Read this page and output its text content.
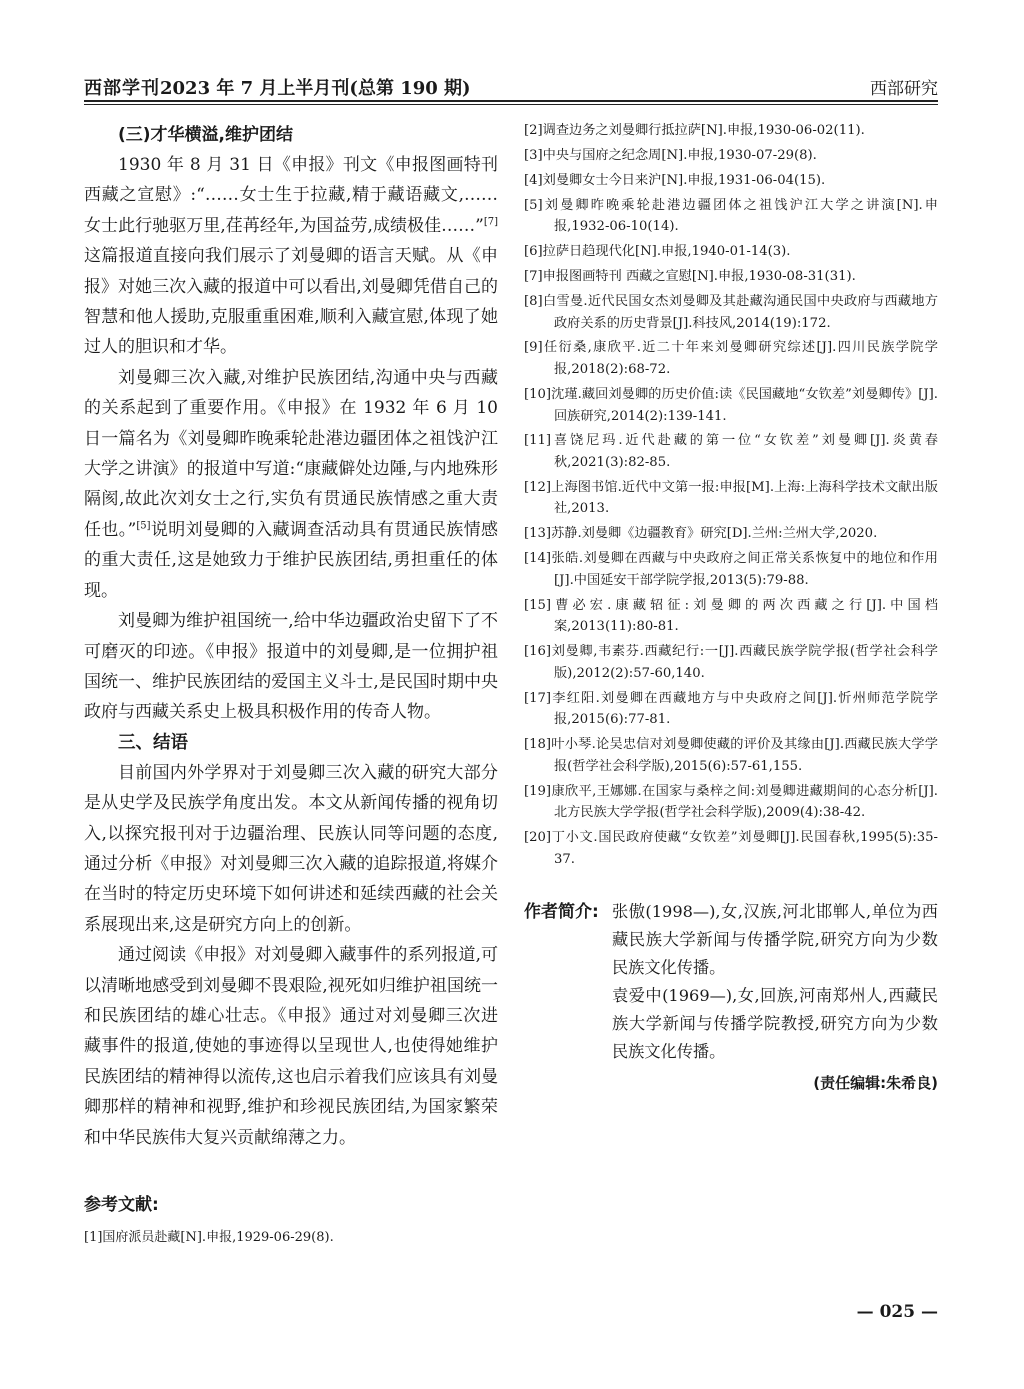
西部学刊 2023 年 7 月上半月刊(总第 190 期)	西部研究
(三)才华横溢,维护团结

1930 年 8 月 31 日《申报》刊文《申报图画特刊 西藏之宣慰》:“……女士生于拉藏,精于藏语藏文,……女士此行驰驱万里,荏苒经年,为国益劳,成绩极佳……”[7]这篇报道直接向我们展示了刘曼卿的语言天赋。从《申报》对她三次入藏的报道中可以看出,刘曼卿凭借自己的智慧和他人援助,克服重重困难,顺利入藏宣慰,体现了她过人的胆识和才华。

刘曼卿三次入藏,对维护民族团结,沟通中央与西藏的关系起到了重要作用。《申报》在 1932 年 6 月 10 日一篇名为《刘曼卿昨晚乘轮赴港边疆团体之祖饯沪江大学之讲演》的报道中写道:“康藏僻处边陲,与内地殊形隔阂,故此次刘女士之行,实负有贯通民族情感之重大责任也。”[5]说明刘曼卿的入藏调查活动具有贯通民族情感的重大责任,这是她致力于维护民族团结,勇担重任的体现。

刘曼卿为维护祖国统一,给中华边疆政治史留下了不可磨灭的印迹。《申报》报道中的刘曼卿,是一位拥护祖国统一、维护民族团结的爱国主义斗士,是民国时期中央政府与西藏关系史上极具积极作用的传奇人物。

三、结语

目前国内外学界对于刘曼卿三次入藏的研究大部分是从史学及民族学角度出发。本文从新闻传播的视角切入,以探究报刊对于边疆治理、民族认同等问题的态度,通过分析《申报》对刘曼卿三次入藏的追踪报道,将媒介在当时的特定历史环境下如何讲述和延续西藏的社会关系展现出来,这是研究方向上的创新。

通过阅读《申报》对刘曼卿入藏事件的系列报道,可以清晰地感受到刘曼卿不畏艰险,视死如归维护祖国统一和民族团结的雄心壮志。《申报》通过对刘曼卿三次进藏事件的报道,使她的事迹得以呈现世人,也使得她维护民族团结的精神得以流传,这也启示着我们应该具有刘曼卿那样的精神和视野,维护和珍视民族团结,为国家繁荣和中华民族伟大复兴贡献绵薄之力。

参考文献:
[1]国府派员赴藏[N].申报,1929-06-29(8).

[2]调查边务之刘曼卿行抵拉萨[N].申报,1930-06-02(11).

[3]中央与国府之纪念周[N].申报,1930-07-29(8).

[4]刘曼卿女士今日来沪[N].申报,1931-06-04(15).

[5]刘曼卿昨晚乘轮赴港边疆团体之祖饯沪江大学之讲演[N].申报,1932-06-10(14).

[6]拉萨日趋现代化[N].申报,1940-01-14(3).

[7]申报图画特刊 西藏之宣慰[N].申报,1930-08-31(31).

[8]白雪曼.近代民国女杰刘曼卿及其赴藏沟通民国中央政府与西藏地方政府关系的历史背景[J].科技风,2014(19):172.

[9]任衍桑,康欣平.近二十年来刘曼卿研究综述[J].四川民族学院学报,2018(2):68-72.

[10]沈瑾.藏回刘曼卿的历史价值:读《民国藏地“女钦差”刘曼卿传》[J].回族研究,2014(2):139-141.

[11]喜饶尼玛.近代赴藏的第一位“女钦差”刘曼卿[J].炎黄春秋,2021(3):82-85.

[12]上海图书馆.近代中文第一报:申报[M].上海:上海科学技术文献出版社,2013.

[13]苏静.刘曼卿《边疆教育》研究[D].兰州:兰州大学,2020.

[14]张皓.刘曼卿在西藏与中央政府之间正常关系恢复中的地位和作用[J].中国延安干部学院学报,2013(5):79-88.

[15]曹必宏.康藏轺征:刘曼卿的两次西藏之行[J].中国档案,2013(11):80-81.

[16]刘曼卿,韦素芬.西藏纪行:一[J].西藏民族学院学报(哲学社会科学版),2012(2):57-60,140.

[17]李红阳.刘曼卿在西藏地方与中央政府之间[J].忻州师范学院学报,2015(6):77-81.

[18]叶小琴.论吴忠信对刘曼卿使藏的评价及其缘由[J].西藏民族大学学报(哲学社会科学版),2015(6):57-61,155.

[19]康欣平,王娜娜.在国家与桑梓之间:刘曼卿进藏期间的心态分析[J].北方民族大学学报(哲学社会科学版),2009(4):38-42.

[20]丁小文.国民政府使藏“女钦差”刘曼卿[J].民国春秋,1995(5):35-37.

作者简介: 张傲(1998—),女,汉族,河北邯郸人,单位为西藏民族大学新闻与传播学院,研究方向为少数民族文化传播。

袁爱中(1969—),女,回族,河南郑州人,西藏民族大学新闻与传播学院教授,研究方向为少数民族文化传播。

(责任编辑:朱希良)
— 025 —
